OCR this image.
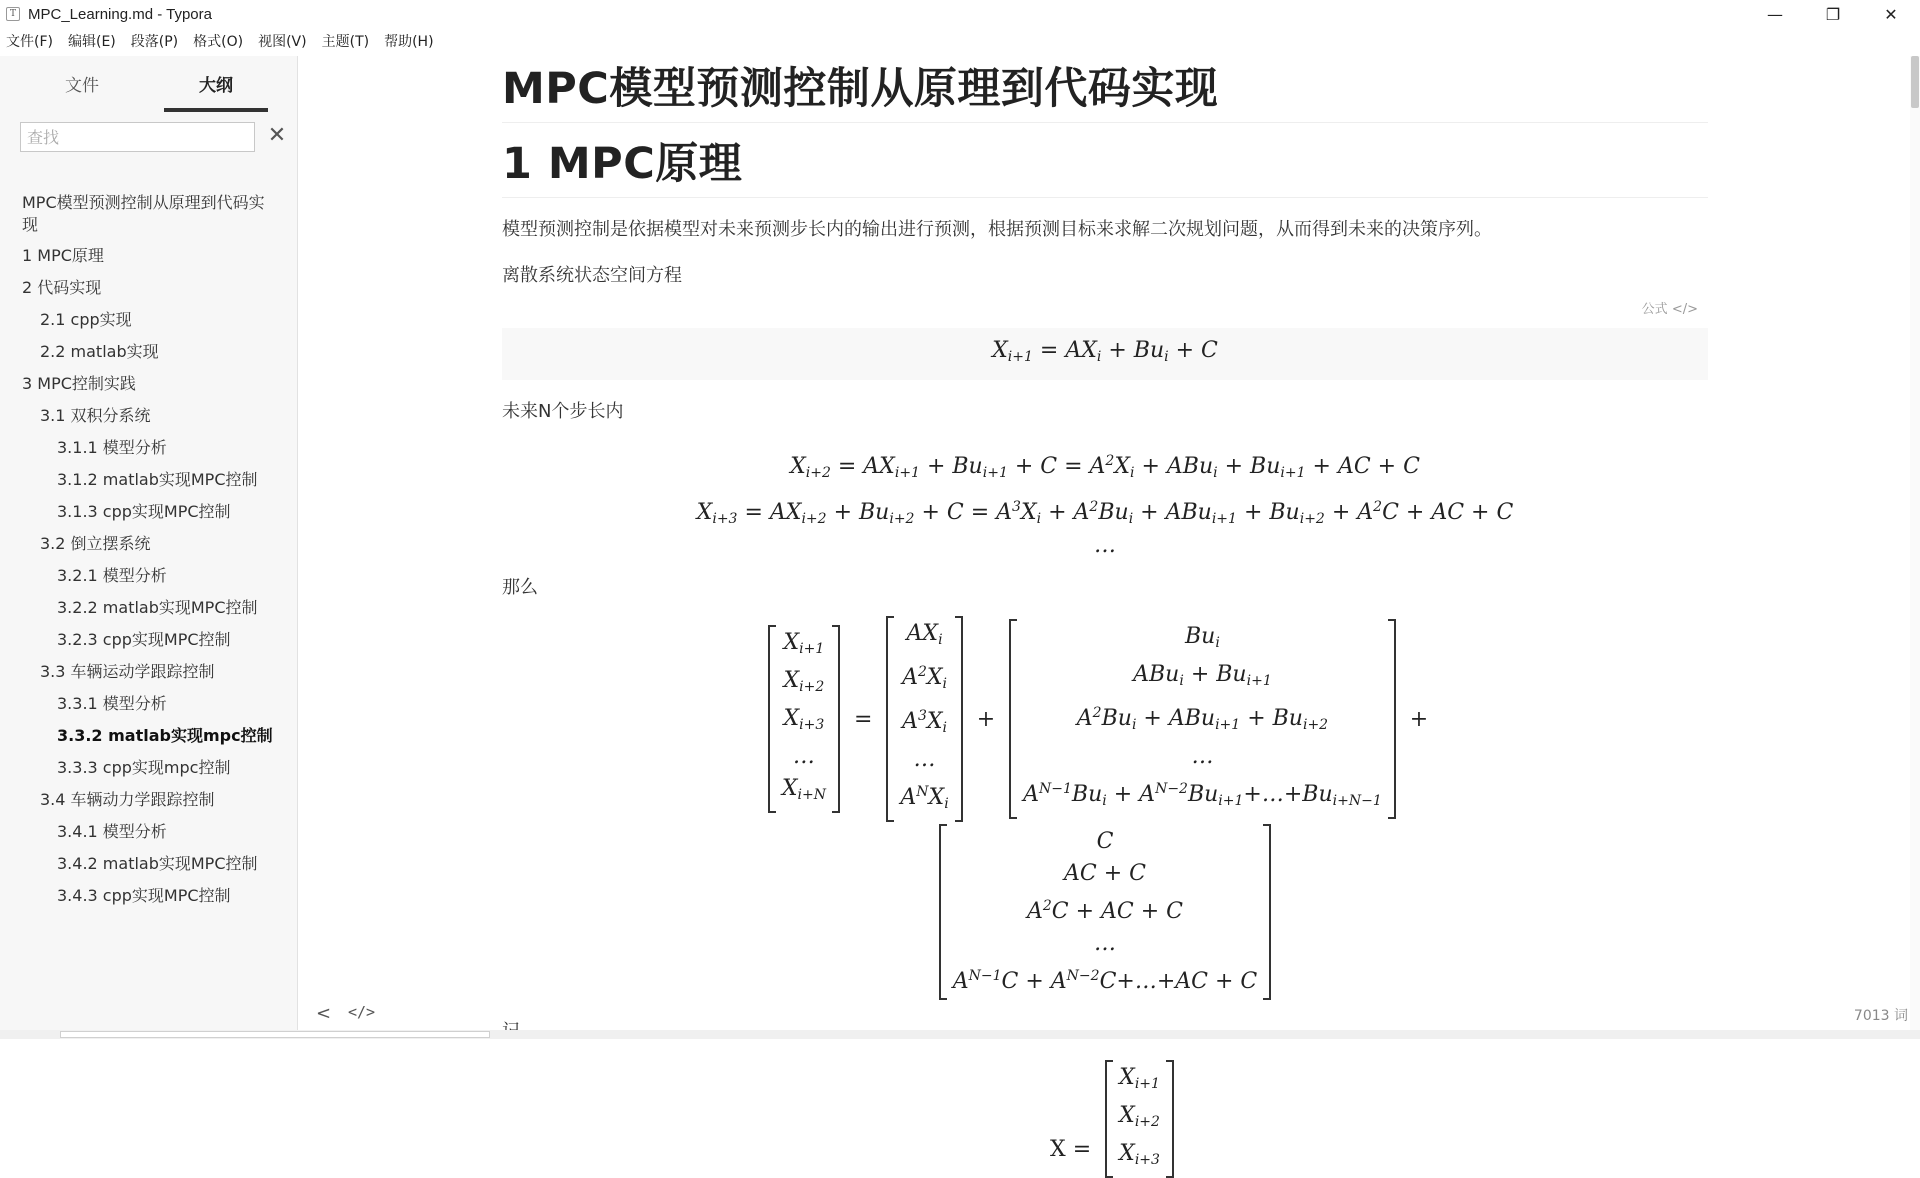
T MPC_Learning.md - Typora	—	❐	✕
文件(F) 编辑(E) 段落(P) 格式(O) 视图(V) 主题(T) 帮助(H)
文件	大纲
查找
✕
MPC模型预测控制从原理到代码实现
1 MPC原理
2 代码实现
2.1 cpp实现
2.2 matlab实现
3 MPC控制实践
3.1 双积分系统
3.1.1 模型分析
3.1.2 matlab实现MPC控制
3.1.3 cpp实现MPC控制
3.2 倒立摆系统
3.2.1 模型分析
3.2.2 matlab实现MPC控制
3.2.3 cpp实现MPC控制
3.3 车辆运动学跟踪控制
3.3.1 模型分析
3.3.2 matlab实现mpc控制
3.3.3 cpp实现mpc控制
3.4 车辆动力学跟踪控制
3.4.1 模型分析
3.4.2 matlab实现MPC控制
3.4.3 cpp实现MPC控制
MPC模型预测控制从原理到代码实现
1 MPC原理
模型预测控制是依据模型对未来预测步长内的输出进行预测，根据预测目标来求解二次规划问题，从而得到未来的决策序列。
离散系统状态空间方程
公式 </>
$X_{i+1} = AX_i + Bu_i + C$
未来N个步长内
$X_{i+2} = AX_{i+1} + Bu_{i+1} + C = A^2X_i + ABu_i + Bu_{i+1}$ + AC + C
$X_{i+3} = AX_{i+2} + Bu_{i+2} + C = A^3X_i + A^2Bu_i + ABu_{i+1} + Bu_{i+2} + A^2C$ + AC + C
…
那么
$X_{i+1}$
$X_{i+2}$
$X_{i+3}$
…
$X_{i+N}$
=
$AX_i$
$A^2X_i$
$A^3X_i$
…
$A^NX_i$
+
$Bu_i$
$ABu_i + Bu_{i+1}$
$A^2Bu_i + ABu_{i+1} + Bu_{i+2}$
…
$A^{N-1}Bu_i$ + $A^{N-2}Bu_{i+1}+\dots+Bu_{i+N-1}$
+
C
AC + C
$A^2C$ + AC + C
…
$A^{N-1}C$ + $A^{N-2}C+\dots+AC + C$
X =
$X_{i+1}$
$X_{i+2}$
$X_{i+3}$
< </>	7013 词
